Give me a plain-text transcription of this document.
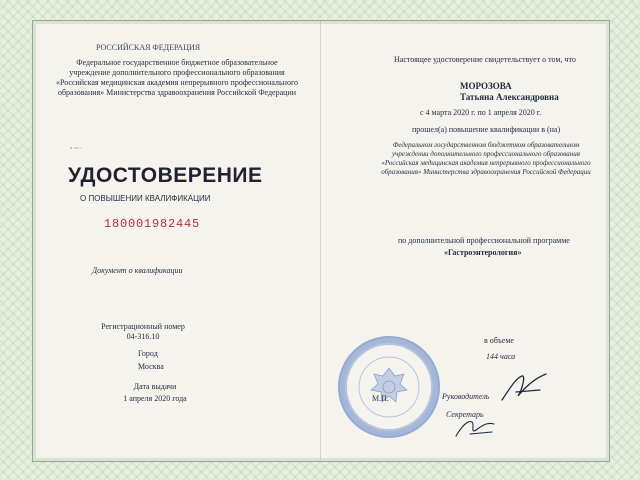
РОССИЙСКАЯ ФЕДЕРАЦИЯ
Федеральное государственное бюджетное образовательное
учреждение дополнительного профессионального образования
«Российская медицинская академия непрерывного профессионального
образования» Министерства здравоохранения Российской Федерации
▪ ▫▪ ▫
УДОСТОВЕРЕНИЕ
О ПОВЫШЕНИИ КВАЛИФИКАЦИИ
180001982445
Документ о квалификации
Регистрационный номер
04-316.10
Город
Москва
Дата выдачи
1 апреля 2020 года
Настоящее удостоверение свидетельствует о том, что
МОРОЗОВА
Татьяна Александровна
с 4 марта 2020 г. по 1 апреля 2020 г.
прошел(а) повышение квалификации в (на)
Федеральном государственном бюджетном образовательном
учреждении дополнительного профессионального образования
«Российская медицинская академия непрерывного профессионального
образования» Министерства здравоохранения Российской Федерации
по дополнительной профессиональной программе
«Гастроэнтерология»
в объеме
144 часа
М.П.	Руководитель
Секретарь
